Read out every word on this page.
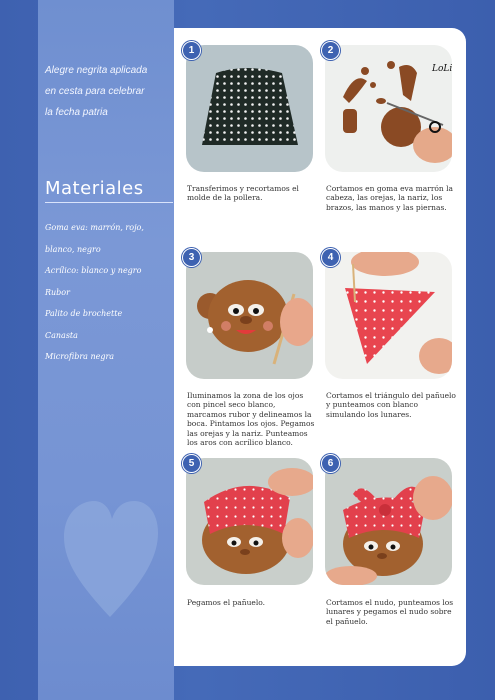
Alegre negrita aplicada
en cesta para celebrar
la fecha patria
Materiales
Goma eva: marrón, rojo,
blanco, negro
Acrílico: blanco y negro
Rubor
Palito de brochette
Canasta
Microfibra negra
1
Transferimos y recortamos el molde de la pollera.
2
LoLi
Cortamos en goma eva marrón la cabeza, las orejas, la nariz, los brazos, las manos y las piernas.
3
Iluminamos la zona de los ojos con pincel seco blanco, marcamos rubor y delineamos la boca. Pintamos los ojos. Pegamos las orejas y la nariz. Punteamos los aros con acrílico blanco.
4
Cortamos el triángulo del pañuelo y punteamos con blanco simulando los lunares.
5
Pegamos el pañuelo.
6
Cortamos el nudo, punteamos los lunares y pegamos el nudo sobre el pañuelo.
